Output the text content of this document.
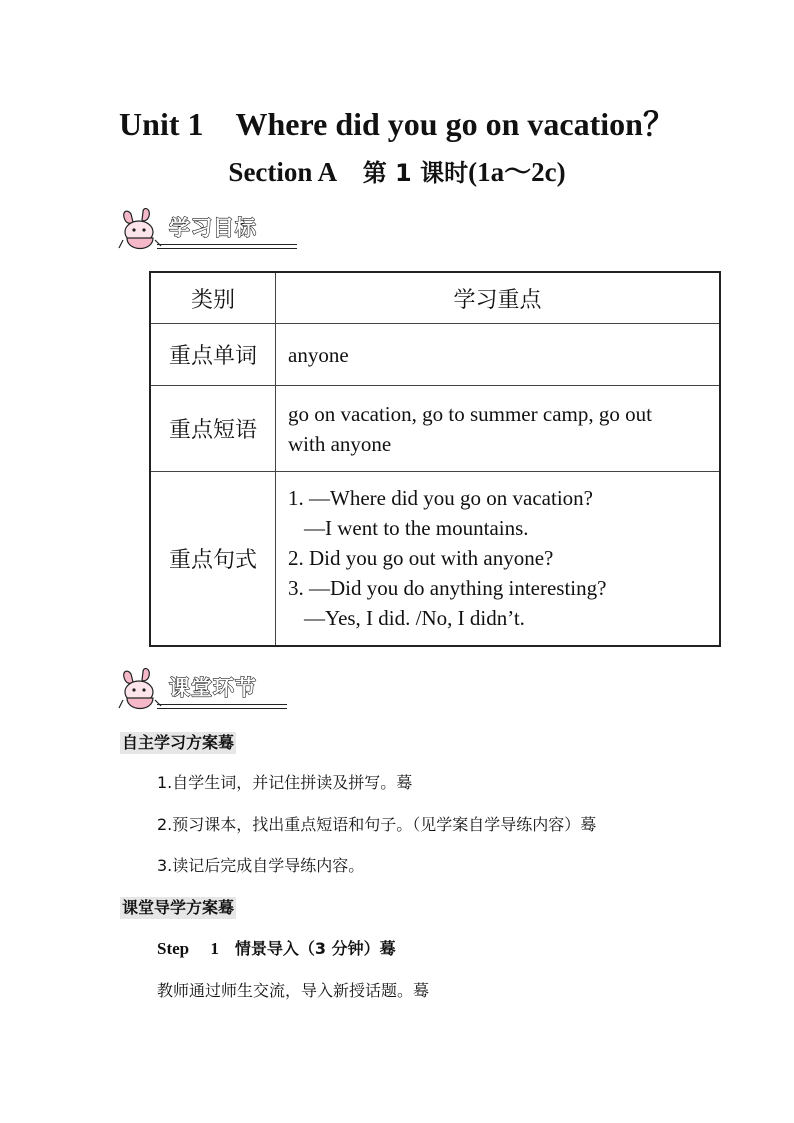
Unit 1　Where did you go on vacation？
Section A　第 1 课时(1a～2c)
学习目标
类别	学习重点
重点单词	anyone

重点短语	go on vacation, go to summer camp, go out
with anyone

重点句式	1. —Where did you go on vacation?
—I went to the mountains.
2. Did you go out with anyone?
3. —Did you do anything interesting?
—Yes, I did. /No, I didn’t.
课堂环节
自主学习方案蓦
1.自学生词，并记住拼读及拼写。蓦
2.预习课本，找出重点短语和句子。（见学案自学导练内容）蓦
3.读记后完成自学导练内容。
课堂导学方案蓦
Step　 1　情景导入（3 分钟）蓦
教师通过师生交流，导入新授话题。蓦
